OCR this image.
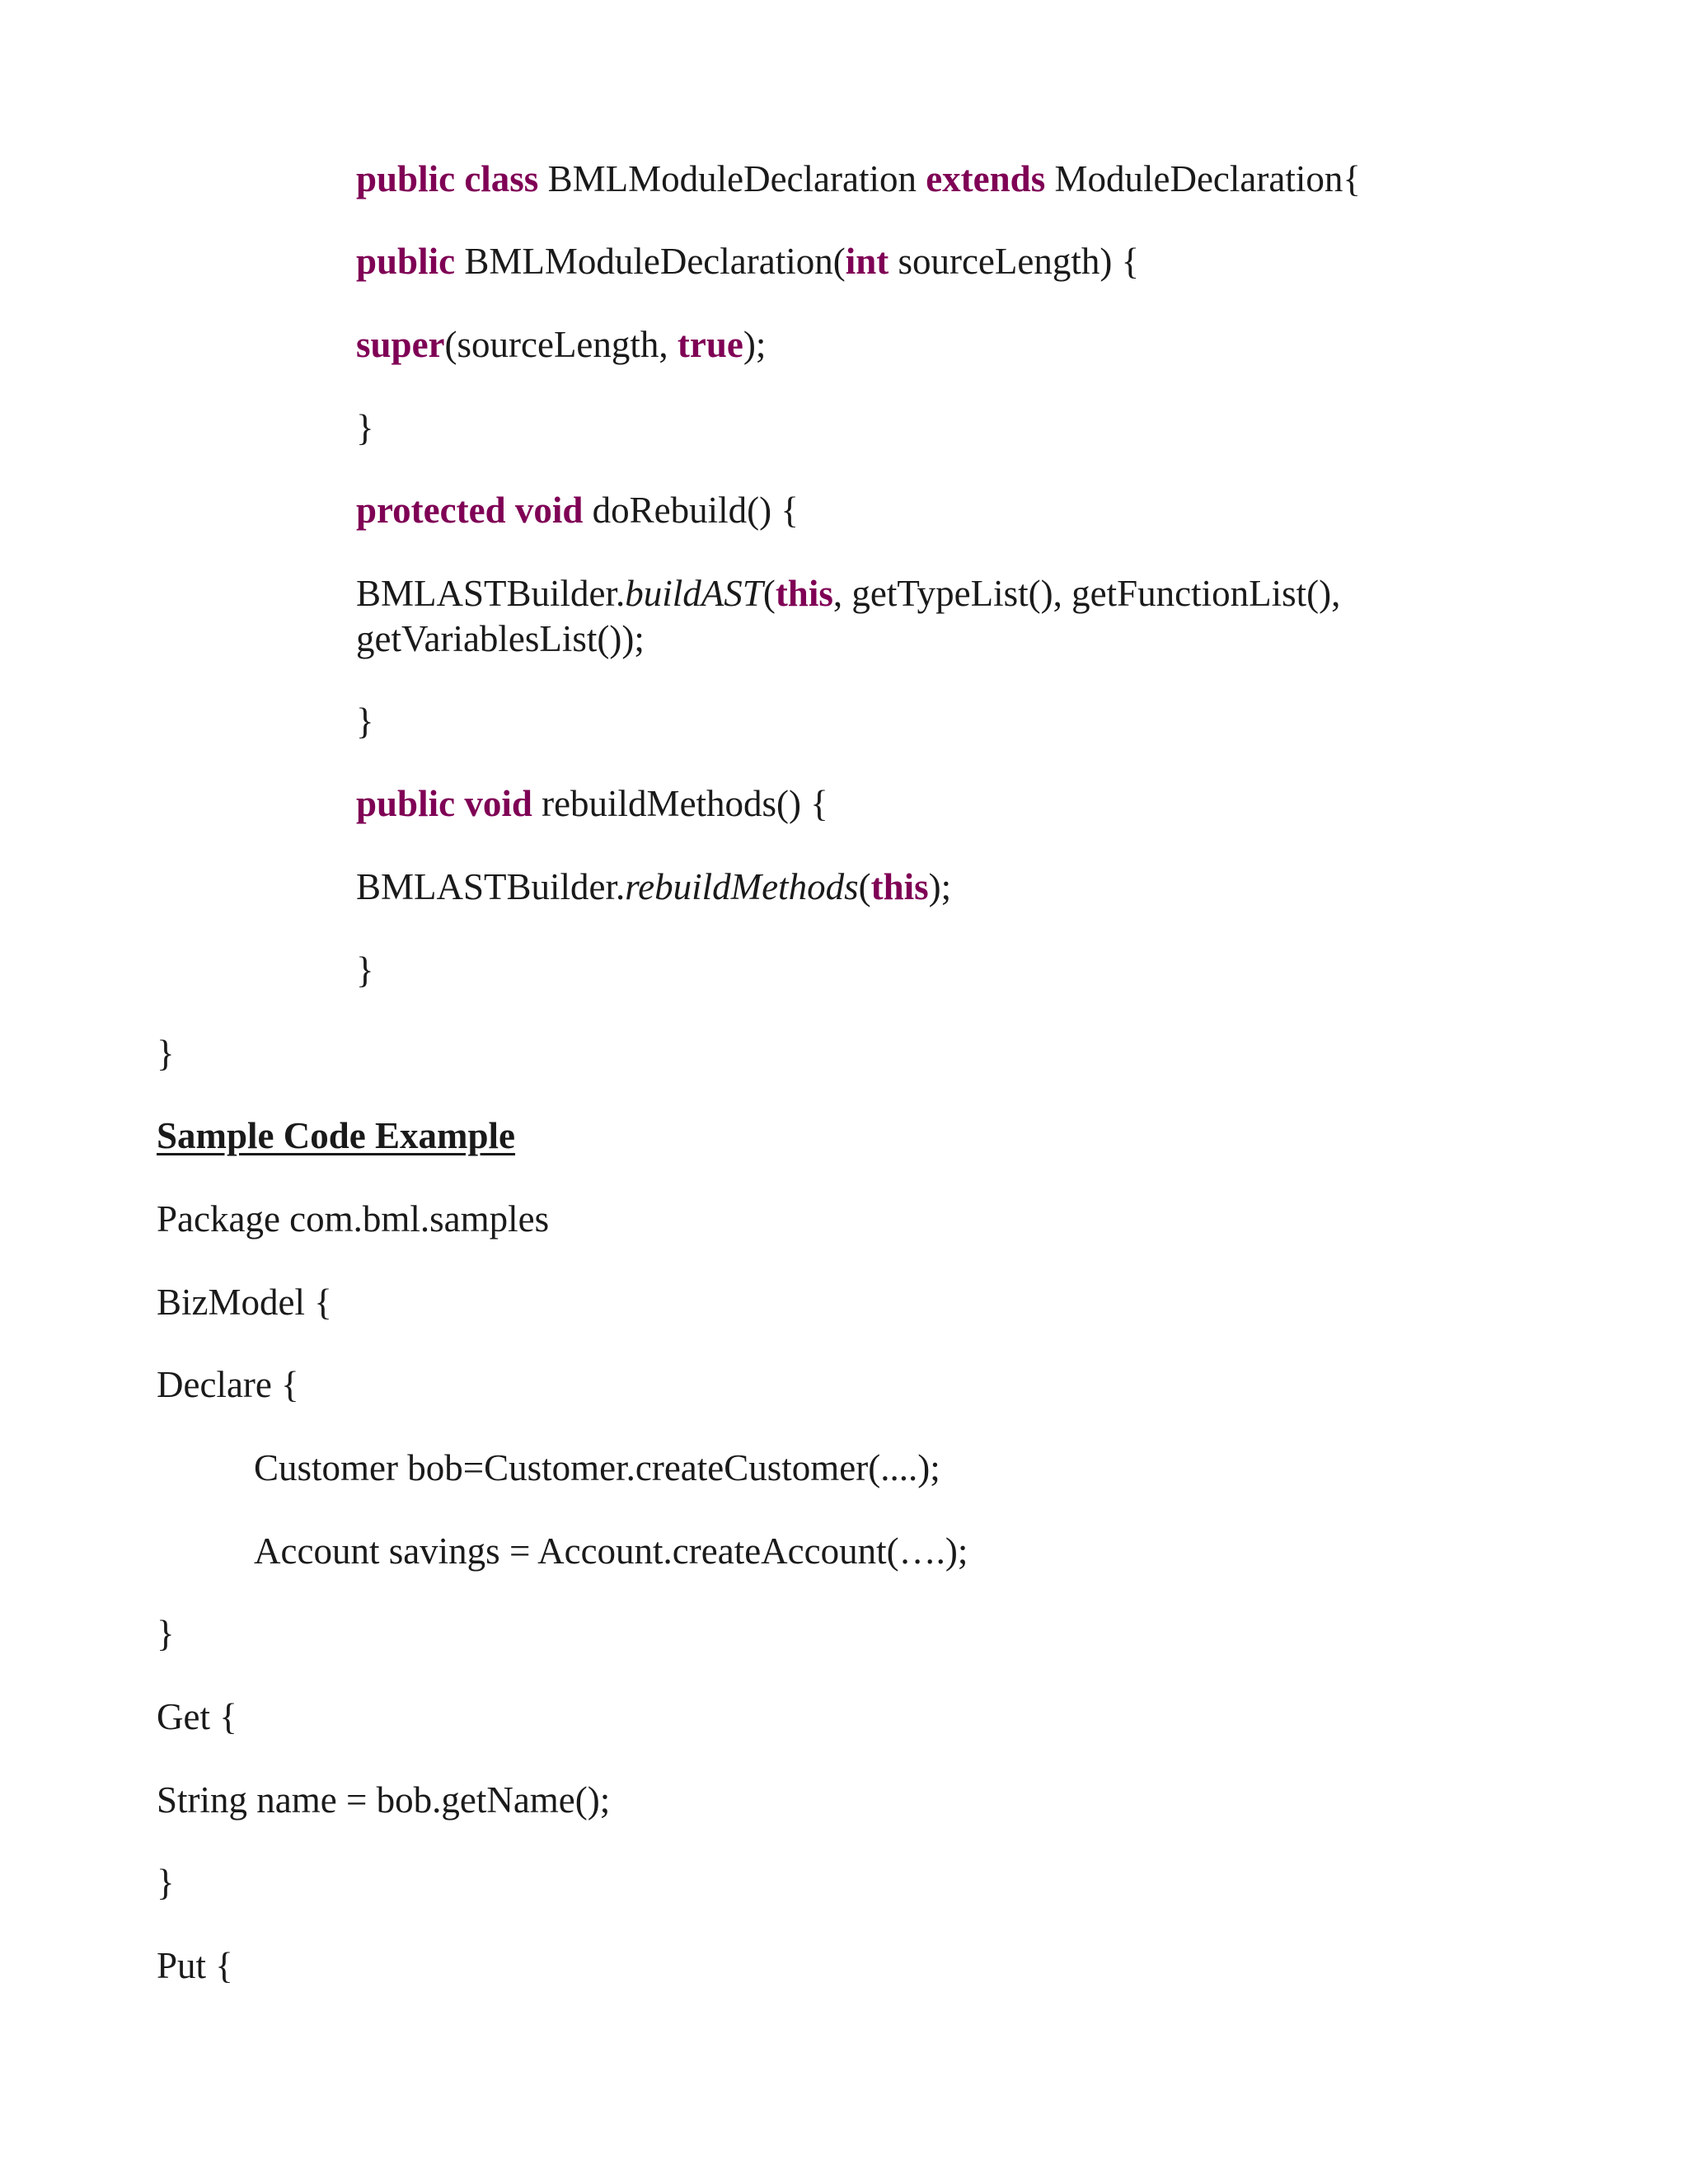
public class BMLModuleDeclaration extends ModuleDeclaration{
public BMLModuleDeclaration(int sourceLength) {
super(sourceLength, true);
}
protected void doRebuild() {
BMLASTBuilder.buildAST(this, getTypeList(), getFunctionList(),
getVariablesList());
}
public void rebuildMethods() {
BMLASTBuilder.rebuildMethods(this);
}
}
Sample Code Example
Package com.bml.samples
BizModel {
Declare {
Customer bob=Customer.createCustomer(....);
Account savings = Account.createAccount(….);
}
Get {
String name = bob.getName();
}
Put {
